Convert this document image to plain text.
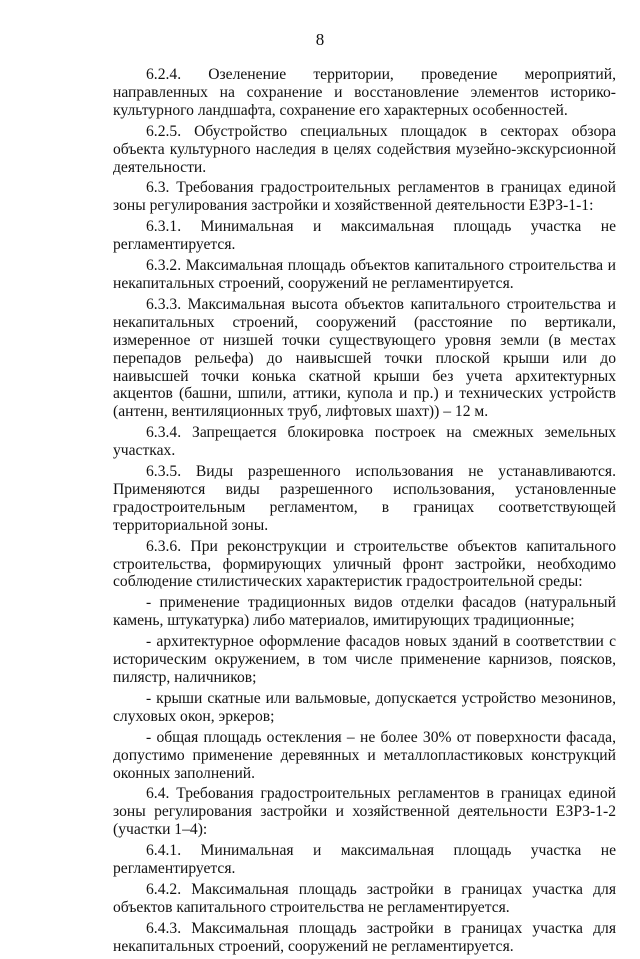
8

6.2.4. Озеленение территории, проведение мероприятий, направленных на сохранение и восстановление элементов историко-культурного ландшафта, сохранение его характерных особенностей.

6.2.5. Обустройство специальных площадок в секторах обзора объекта культурного наследия в целях содействия музейно-экскурсионной деятельности.

6.3. Требования градостроительных регламентов в границах единой зоны регулирования застройки и хозяйственной деятельности ЕЗРЗ-1-1:

6.3.1. Минимальная и максимальная площадь участка не регламентируется.

6.3.2. Максимальная площадь объектов капитального строительства и некапитальных строений, сооружений не регламентируется.

6.3.3. Максимальная высота объектов капитального строительства и некапитальных строений, сооружений (расстояние по вертикали, измеренное от низшей точки существующего уровня земли (в местах перепадов рельефа) до наивысшей точки плоской крыши или до наивысшей точки конька скатной крыши без учета архитектурных акцентов (башни, шпили, аттики, купола и пр.) и технических устройств (антенн, вентиляционных труб, лифтовых шахт)) – 12 м.

6.3.4. Запрещается блокировка построек на смежных земельных участках.

6.3.5. Виды разрешенного использования не устанавливаются. Применяются виды разрешенного использования, установленные градостроительным регламентом, в границах соответствующей территориальной зоны.

6.3.6. При реконструкции и строительстве объектов капитального строительства, формирующих уличный фронт застройки, необходимо соблюдение стилистических характеристик градостроительной среды:

- применение традиционных видов отделки фасадов (натуральный камень, штукатурка) либо материалов, имитирующих традиционные;

- архитектурное оформление фасадов новых зданий в соответствии с историческим окружением, в том числе применение карнизов, поясков, пилястр, наличников;

- крыши скатные или вальмовые, допускается устройство мезонинов, слуховых окон, эркеров;

- общая площадь остекления – не более 30% от поверхности фасада, допустимо применение деревянных и металлопластиковых конструкций оконных заполнений.

6.4. Требования градостроительных регламентов в границах единой зоны регулирования застройки и хозяйственной деятельности ЕЗРЗ-1-2 (участки 1–4):

6.4.1. Минимальная и максимальная площадь участка не регламентируется.

6.4.2. Максимальная площадь застройки в границах участка для объектов капитального строительства не регламентируется.

6.4.3. Максимальная площадь застройки в границах участка для некапитальных строений, сооружений не регламентируется.
